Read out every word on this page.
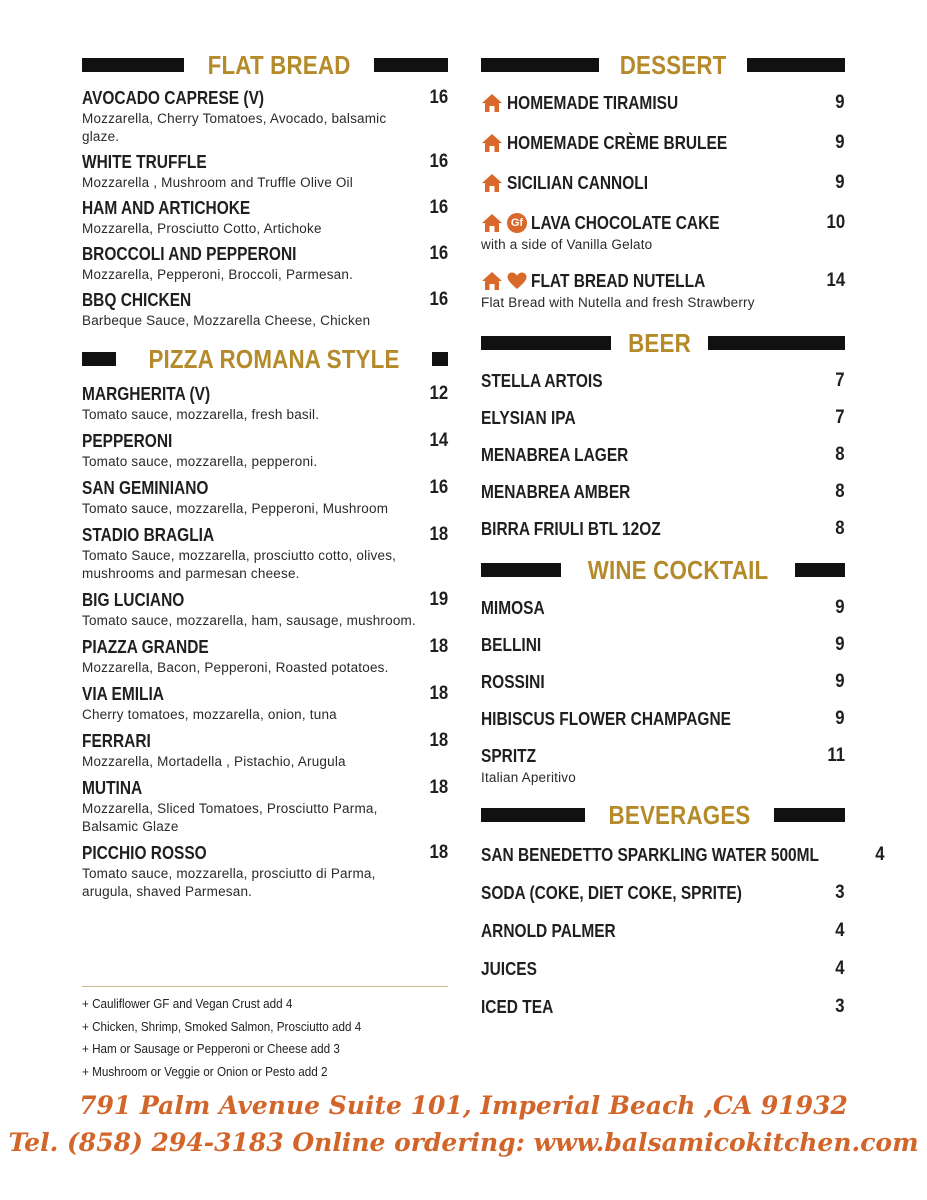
FLAT BREAD
AVOCADO CAPRESE (V)	16
Mozzarella, Cherry Tomatoes, Avocado, balsamic glaze.
WHITE TRUFFLE	16
Mozzarella , Mushroom and Truffle Olive Oil
HAM AND ARTICHOKE	16
Mozzarella, Prosciutto Cotto, Artichoke
BROCCOLI AND PEPPERONI	16
Mozzarella, Pepperoni, Broccoli, Parmesan.
BBQ CHICKEN	16
Barbeque Sauce, Mozzarella Cheese, Chicken
PIZZA ROMANA STYLE
MARGHERITA (V)	12
Tomato sauce, mozzarella, fresh basil.
PEPPERONI	14
Tomato sauce, mozzarella, pepperoni.
SAN GEMINIANO	16
Tomato sauce, mozzarella, Pepperoni, Mushroom
STADIO BRAGLIA	18
Tomato Sauce, mozzarella, prosciutto cotto, olives, mushrooms and parmesan cheese.
BIG LUCIANO	19
Tomato sauce, mozzarella, ham, sausage, mushroom.
PIAZZA GRANDE	18
Mozzarella, Bacon, Pepperoni, Roasted potatoes.
VIA EMILIA	18
Cherry tomatoes, mozzarella, onion, tuna
FERRARI	18
Mozzarella, Mortadella , Pistachio, Arugula
MUTINA	18
Mozzarella, Sliced Tomatoes, Prosciutto Parma, Balsamic Glaze
PICCHIO ROSSO	18
Tomato sauce, mozzarella, prosciutto di Parma, arugula, shaved Parmesan.
+ Cauliflower GF and Vegan Crust add 4
+ Chicken, Shrimp, Smoked Salmon, Prosciutto add 4
+ Ham or Sausage or Pepperoni or Cheese add 3
+ Mushroom or Veggie or Onion or Pesto add 2
DESSERT
HOMEMADE TIRAMISU	9
HOMEMADE CRÈME BRULEE	9
SICILIAN CANNOLI	9
Gf LAVA CHOCOLATE CAKE	10
with a side of Vanilla Gelato
FLAT BREAD NUTELLA	14
Flat Bread with Nutella and fresh Strawberry
BEER
STELLA ARTOIS	7
ELYSIAN IPA	7
MENABREA LAGER	8
MENABREA AMBER	8
BIRRA FRIULI BTL 12OZ	8
WINE COCKTAIL
MIMOSA	9
BELLINI	9
ROSSINI	9
HIBISCUS FLOWER CHAMPAGNE	9
SPRITZ	11
Italian Aperitivo
BEVERAGES
SAN BENEDETTO SPARKLING WATER 500ML	4
SODA (COKE, DIET COKE, SPRITE)	3
ARNOLD PALMER	4
JUICES	4
ICED TEA	3
791 Palm Avenue Suite 101, Imperial Beach ,CA 91932
Tel. (858) 294-3183 Online ordering: www.balsamicokitchen.com
